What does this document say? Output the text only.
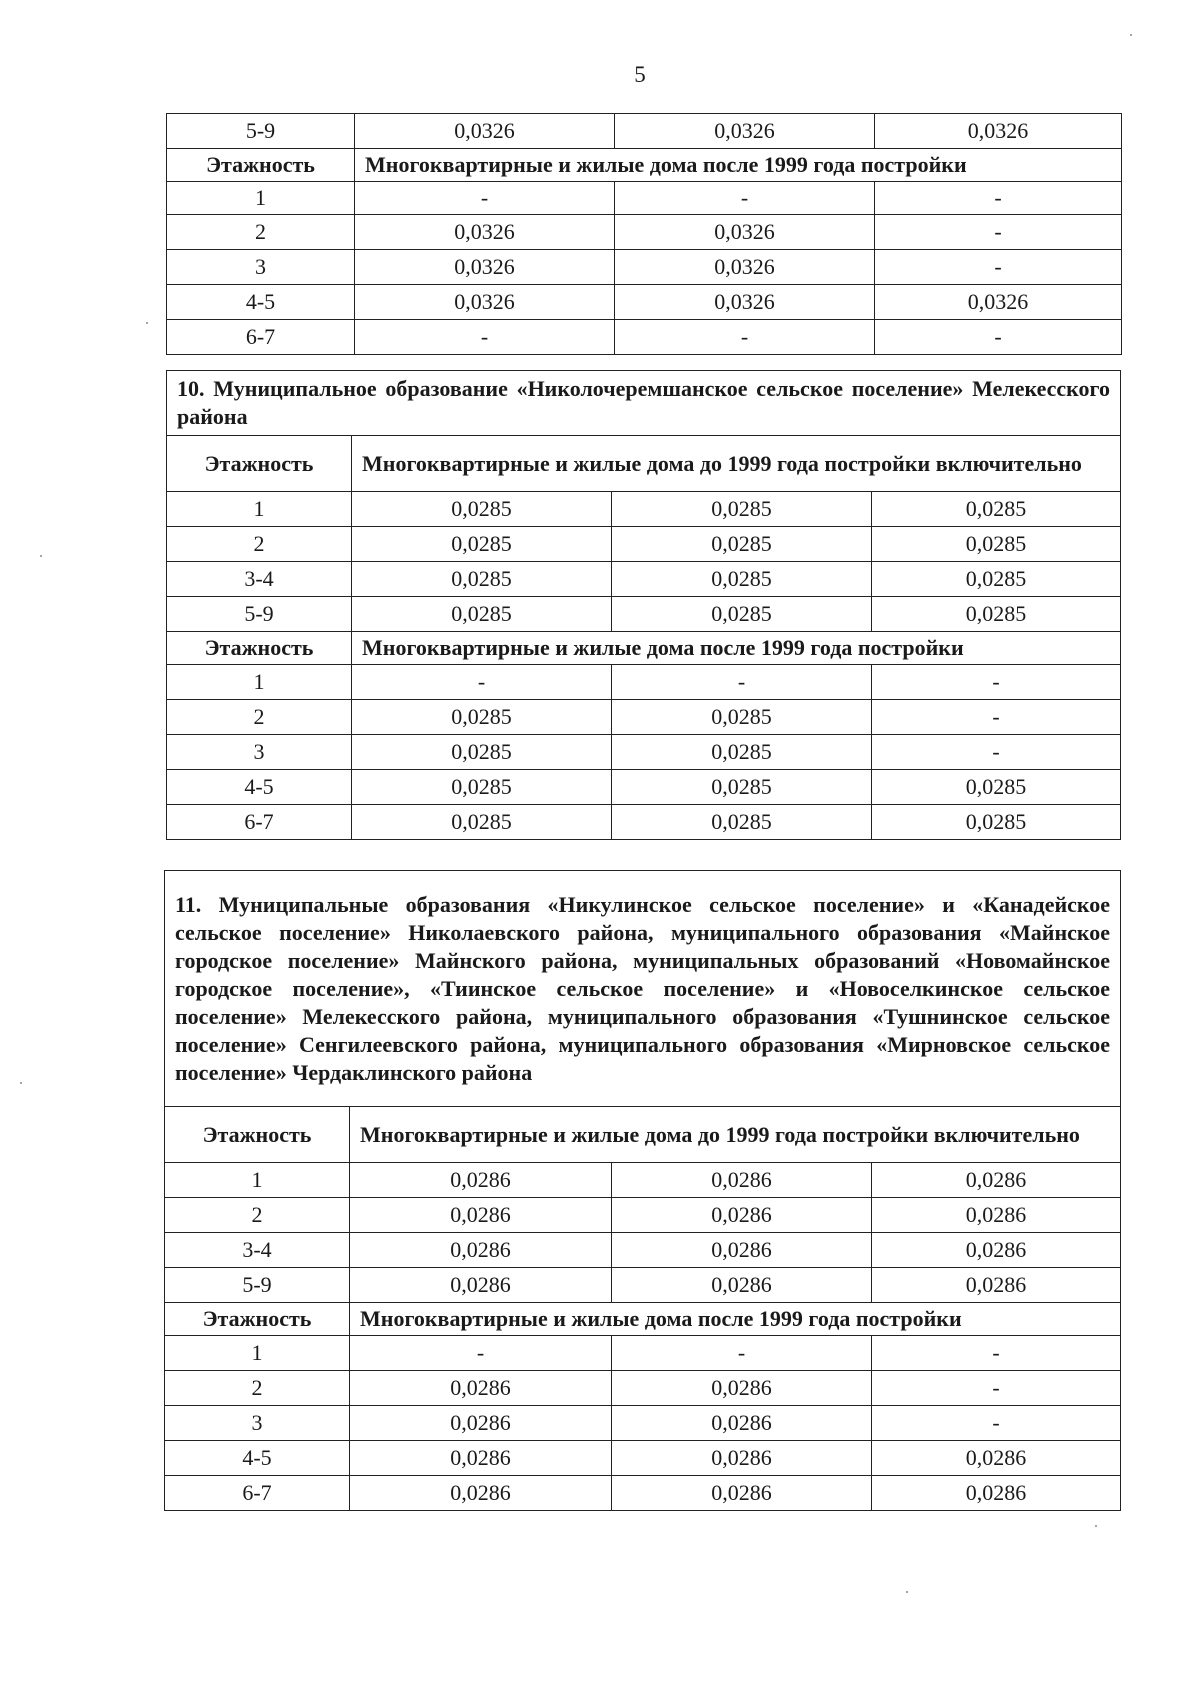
5
5-9	0,0326	0,0326	0,0326
Этажность	Многоквартирные и жилые дома после 1999 года постройки		
1	-	-	-
2	0,0326	0,0326	-
3	0,0326	0,0326	-
4-5	0,0326	0,0326	0,0326
6-7	-	-	-
10. Муниципальное образование «Николочеремшанское сельское поселение» Мелекесского района			
Этажность	Многоквартирные и жилые дома до 1999 года постройки включительно		
1	0,0285	0,0285	0,0285
2	0,0285	0,0285	0,0285
3-4	0,0285	0,0285	0,0285
5-9	0,0285	0,0285	0,0285
Этажность	Многоквартирные и жилые дома после 1999 года постройки		
1	-	-	-
2	0,0285	0,0285	-
3	0,0285	0,0285	-
4-5	0,0285	0,0285	0,0285
6-7	0,0285	0,0285	0,0285
11. Муниципальные образования «Никулинское сельское поселение» и «Канадейское сельское поселение» Николаевского района, муниципального образования «Майнское городское поселение» Майнского района, муниципальных образований «Новомайнское городское поселение», «Тиинское сельское поселение» и «Новоселкинское сельское поселение» Мелекесского района, муниципального образования «Тушнинское сельское поселение» Сенгилеевского района, муниципального образования «Мирновское сельское поселение» Чердаклинского района			
Этажность	Многоквартирные и жилые дома до 1999 года постройки включительно		
1	0,0286	0,0286	0,0286
2	0,0286	0,0286	0,0286
3-4	0,0286	0,0286	0,0286
5-9	0,0286	0,0286	0,0286
Этажность	Многоквартирные и жилые дома после 1999 года постройки		
1	-	-	-
2	0,0286	0,0286	-
3	0,0286	0,0286	-
4-5	0,0286	0,0286	0,0286
6-7	0,0286	0,0286	0,0286
